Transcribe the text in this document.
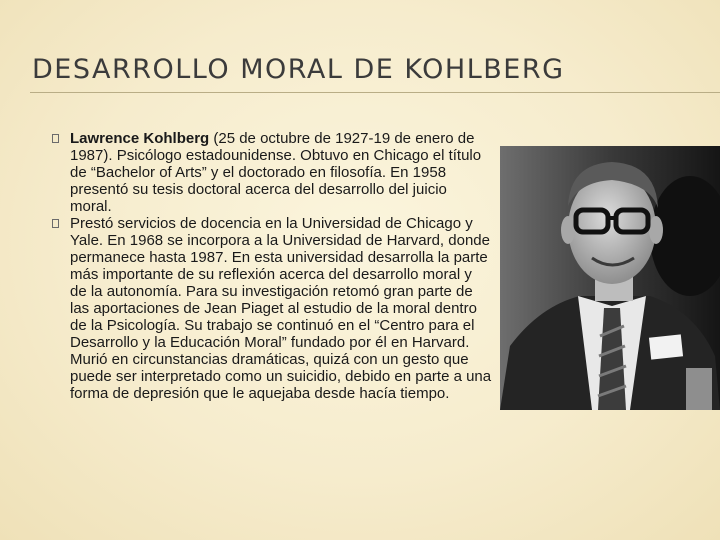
DESARROLLO MORAL DE KOHLBERG
Lawrence Kohlberg (25 de octubre de 1927-19 de enero de 1987). Psicólogo estadounidense. Obtuvo en Chicago el título de “Bachelor of Arts” y el doctorado en filosofía. En 1958 presentó su tesis doctoral acerca del desarrollo del juicio moral.
Prestó servicios de docencia en la Universidad de Chicago y Yale. En 1968 se incorpora a la Universidad de Harvard, donde permanece hasta 1987. En esta universidad desarrolla la parte más importante de su reflexión acerca del desarrollo moral y de la autonomía. Para su investigación retomó gran parte de las aportaciones de Jean Piaget al estudio de la moral dentro de la Psicología. Su trabajo se continuó en el “Centro para el Desarrollo y la Educación Moral” fundado por él en Harvard. Murió en circunstancias dramáticas, quizá con un gesto que puede ser interpretado como un suicidio, debido en parte a una forma de depresión que le aquejaba desde hacía tiempo.
